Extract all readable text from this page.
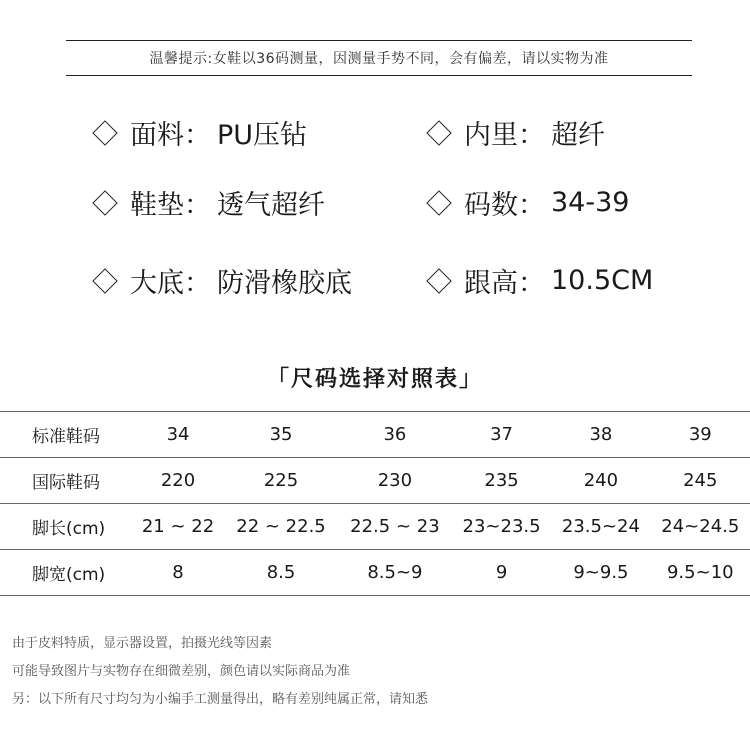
温馨提示:女鞋以36码测量，因测量手势不同，会有偏差，请以实物为准
面料 ： PU压钻	内里 ： 超纤
鞋垫 ： 透气超纤	码数 ： 34-39
大底 ： 防滑橡胶底	跟高 ： 10.5CM
「尺码选择对照表」
标准鞋码	34	35	36	37	38	39
国际鞋码	220	225	230	235	240	245
脚长(cm)	21 ~ 22	22 ~ 22.5	22.5 ~ 23	23~23.5	23.5~24	24~24.5
脚宽(cm)	8	8.5	8.5~9	9	9~9.5	9.5~10
由于皮料特质，显示器设置，拍摄光线等因素
可能导致图片与实物存在细微差别，颜色请以实际商品为准
另：以下所有尺寸均匀为小编手工测量得出，略有差别纯属正常，请知悉
